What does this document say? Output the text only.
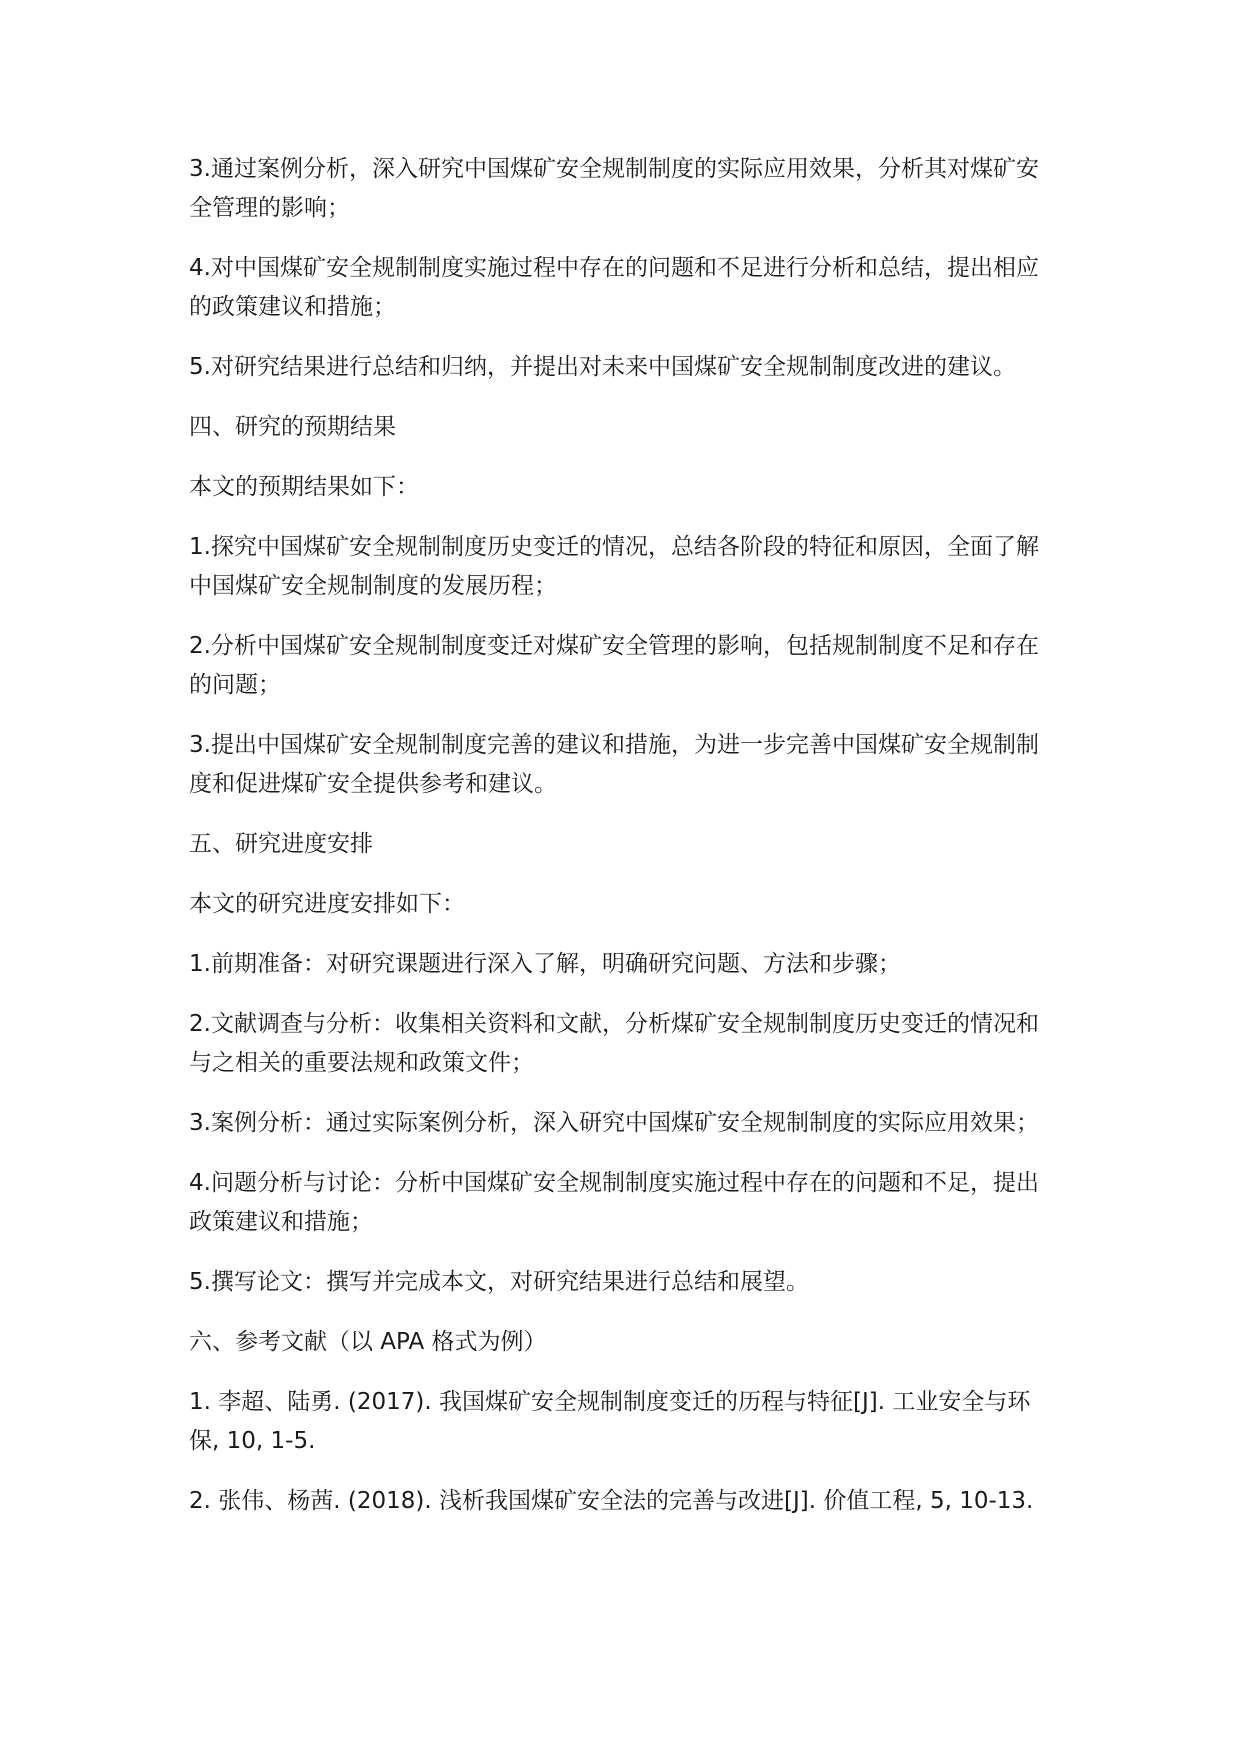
3.通过案例分析，深入研究中国煤矿安全规制制度的实际应用效果，分析其对煤矿安全管理的影响；

4.对中国煤矿安全规制制度实施过程中存在的问题和不足进行分析和总结，提出相应的政策建议和措施；

5.对研究结果进行总结和归纳，并提出对未来中国煤矿安全规制制度改进的建议。

四、研究的预期结果

本文的预期结果如下：

1.探究中国煤矿安全规制制度历史变迁的情况，总结各阶段的特征和原因，全面了解中国煤矿安全规制制度的发展历程；

2.分析中国煤矿安全规制制度变迁对煤矿安全管理的影响，包括规制制度不足和存在的问题；

3.提出中国煤矿安全规制制度完善的建议和措施，为进一步完善中国煤矿安全规制制度和促进煤矿安全提供参考和建议。

五、研究进度安排

本文的研究进度安排如下：

1.前期准备：对研究课题进行深入了解，明确研究问题、方法和步骤；

2.文献调查与分析：收集相关资料和文献，分析煤矿安全规制制度历史变迁的情况和与之相关的重要法规和政策文件；

3.案例分析：通过实际案例分析，深入研究中国煤矿安全规制制度的实际应用效果；

4.问题分析与讨论：分析中国煤矿安全规制制度实施过程中存在的问题和不足，提出政策建议和措施；

5.撰写论文：撰写并完成本文，对研究结果进行总结和展望。

六、参考文献（以 APA 格式为例）

1. 李超、陆勇. (2017). 我国煤矿安全规制制度变迁的历程与特征[J]. 工业安全与环保, 10, 1-5.

2. 张伟、杨茜. (2018). 浅析我国煤矿安全法的完善与改进[J]. 价值工程, 5, 10-13.
